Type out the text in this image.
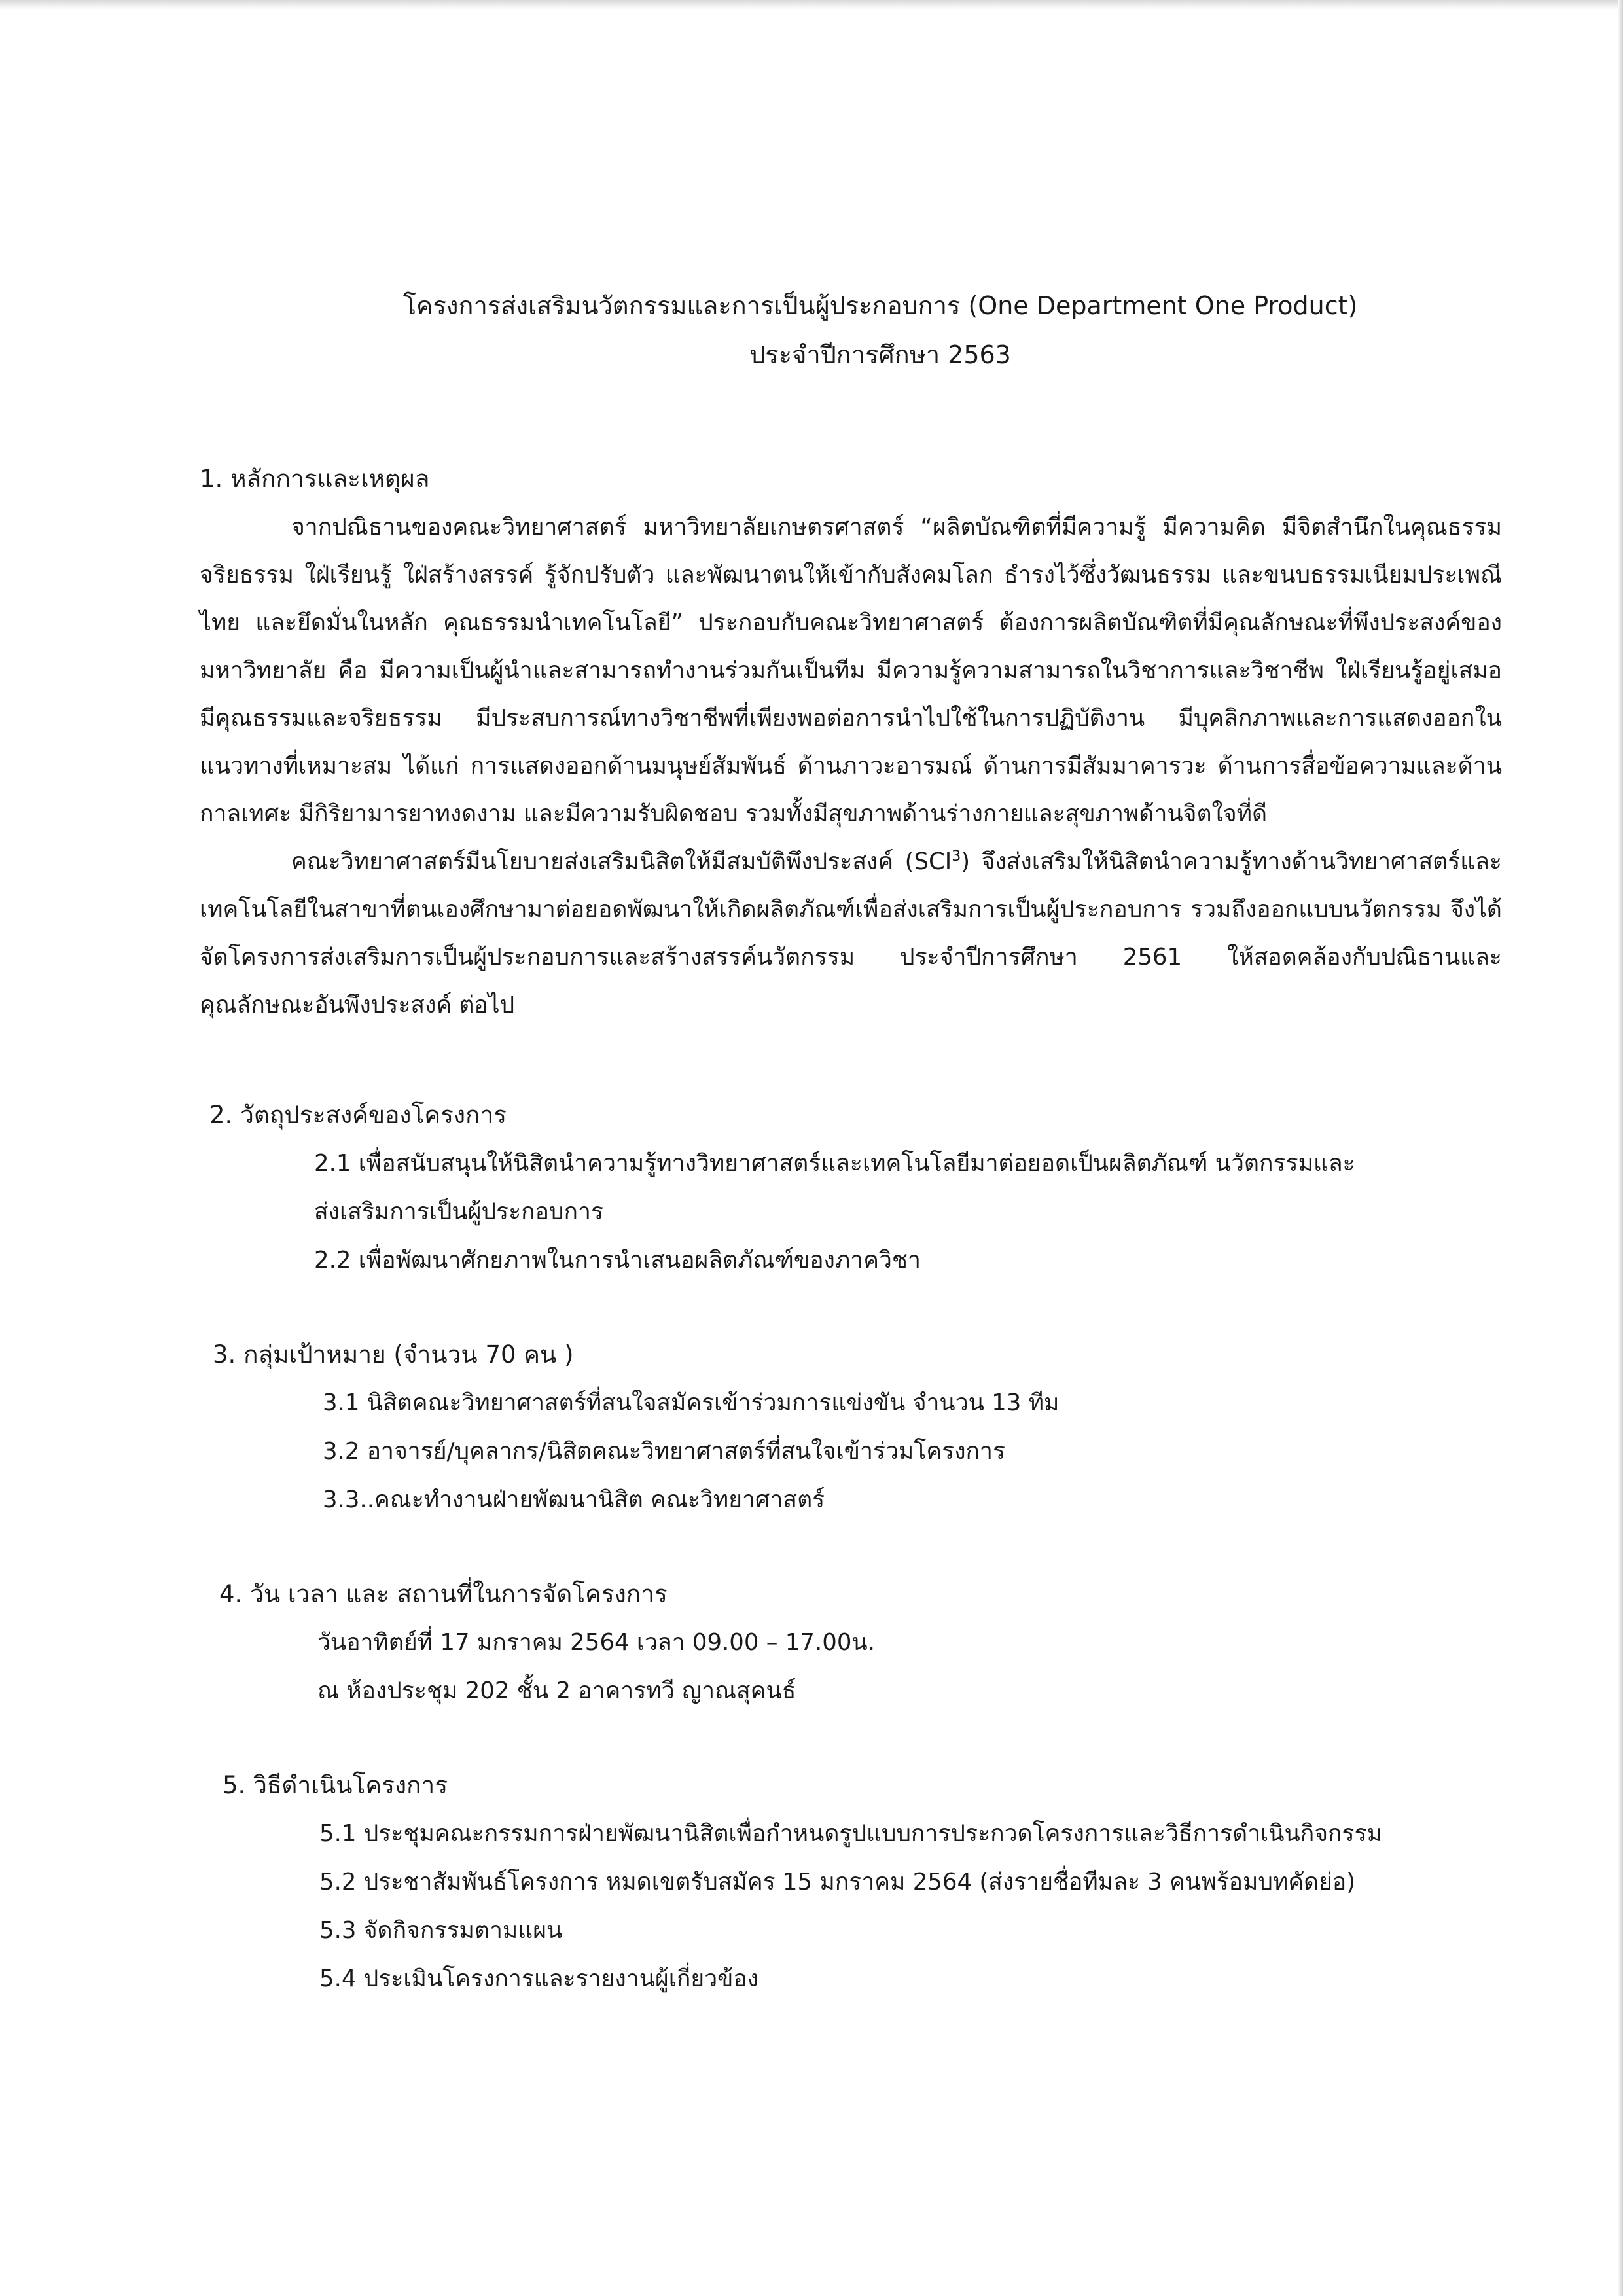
โครงการส่งเสริมนวัตกรรมและการเป็นผู้ประกอบการ (One Department One Product)
ประจำปีการศึกษา 2563
1. หลักการและเหตุผล

จากปณิธานของคณะวิทยาศาสตร์ มหาวิทยาลัยเกษตรศาสตร์ “ผลิตบัณฑิตที่มีความรู้ มีความคิด มีจิตสำนึกในคุณธรรมจริยธรรม ใฝ่เรียนรู้ ใฝ่สร้างสรรค์ รู้จักปรับตัว และพัฒนาตนให้เข้ากับสังคมโลก ธำรงไว้ซึ่งวัฒนธรรม และขนบธรรมเนียมประเพณีไทย และยึดมั่นในหลัก คุณธรรมนำเทคโนโลยี” ประกอบกับคณะวิทยาศาสตร์ ต้องการผลิตบัณฑิตที่มีคุณลักษณะที่พึงประสงค์ของมหาวิทยาลัย คือ มีความเป็นผู้นำและสามารถทำงานร่วมกันเป็นทีม มีความรู้ความสามารถในวิชาการและวิชาชีพ ใฝ่เรียนรู้อยู่เสมอ มีคุณธรรมและจริยธรรม มีประสบการณ์ทางวิชาชีพที่เพียงพอต่อการนำไปใช้ในการปฏิบัติงาน มีบุคลิกภาพและการแสดงออกในแนวทางที่เหมาะสม ได้แก่ การแสดงออกด้านมนุษย์สัมพันธ์ ด้านภาวะอารมณ์ ด้านการมีสัมมาคารวะ ด้านการสื่อข้อความและด้านกาลเทศะ มีกิริยามารยาทงดงาม และมีความรับผิดชอบ รวมทั้งมีสุขภาพด้านร่างกายและสุขภาพด้านจิตใจที่ดี

คณะวิทยาศาสตร์มีนโยบายส่งเสริมนิสิตให้มีสมบัติพึงประสงค์ (SCI$^3$) จึงส่งเสริมให้นิสิตนำความรู้ทางด้านวิทยาศาสตร์และเทคโนโลยีในสาขาที่ตนเองศึกษามาต่อยอดพัฒนาให้เกิดผลิตภัณฑ์เพื่อส่งเสริมการเป็นผู้ประกอบการ รวมถึงออกแบบนวัตกรรม จึงได้จัดโครงการส่งเสริมการเป็นผู้ประกอบการและสร้างสรรค์นวัตกรรม ประจำปีการศึกษา 2561 ให้สอดคล้องกับปณิธานและคุณลักษณะอันพึงประสงค์ ต่อไป

2. วัตถุประสงค์ของโครงการ
2.1 เพื่อสนับสนุนให้นิสิตนำความรู้ทางวิทยาศาสตร์และเทคโนโลยีมาต่อยอดเป็นผลิตภัณฑ์ นวัตกรรมและ
ส่งเสริมการเป็นผู้ประกอบการ
2.2 เพื่อพัฒนาศักยภาพในการนำเสนอผลิตภัณฑ์ของภาควิชา
3. กลุ่มเป้าหมาย (จำนวน 70 คน )
3.1 นิสิตคณะวิทยาศาสตร์ที่สนใจสมัครเข้าร่วมการแข่งขัน จำนวน 13 ทีม
3.2 อาจารย์/บุคลากร/นิสิตคณะวิทยาศาสตร์ที่สนใจเข้าร่วมโครงการ
3.3..คณะทำงานฝ่ายพัฒนานิสิต คณะวิทยาศาสตร์
4. วัน เวลา และ สถานที่ในการจัดโครงการ
วันอาทิตย์ที่ 17 มกราคม 2564 เวลา 09.00 – 17.00น.
ณ ห้องประชุม 202 ชั้น 2 อาคารทวี ญาณสุคนธ์
5. วิธีดำเนินโครงการ
5.1 ประชุมคณะกรรมการฝ่ายพัฒนานิสิตเพื่อกำหนดรูปแบบการประกวดโครงการและวิธีการดำเนินกิจกรรม
5.2 ประชาสัมพันธ์โครงการ หมดเขตรับสมัคร 15 มกราคม 2564 (ส่งรายชื่อทีมละ 3 คนพร้อมบทคัดย่อ)
5.3 จัดกิจกรรมตามแผน
5.4 ประเมินโครงการและรายงานผู้เกี่ยวข้อง
